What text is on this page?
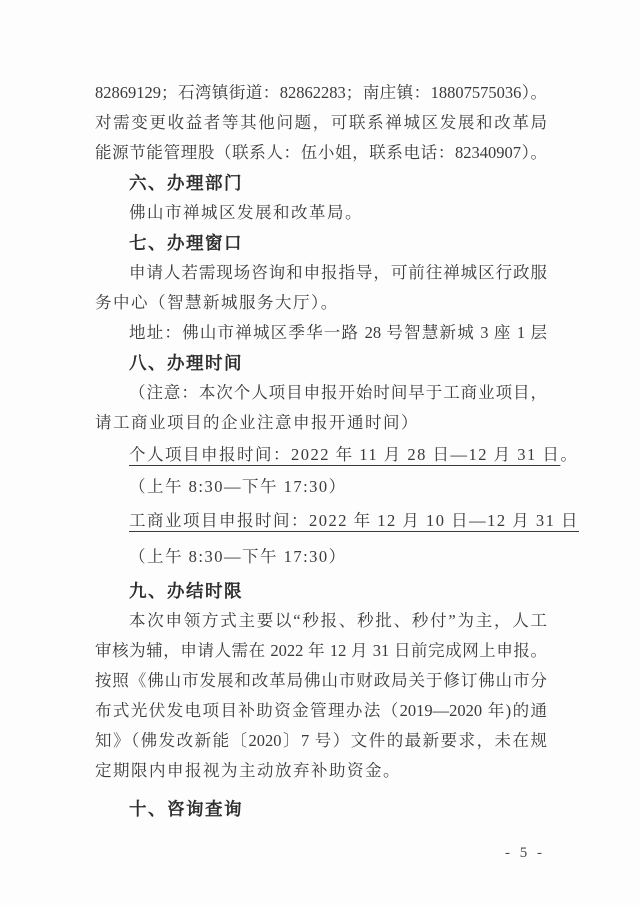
82869129；石湾镇街道：82862283；南庄镇：18807575036）。
对需变更收益者等其他问题，可联系禅城区发展和改革局
能源节能管理股（联系人：伍小姐，联系电话：82340907）。
六、办理部门
佛山市禅城区发展和改革局。
七、办理窗口
申请人若需现场咨询和申报指导，可前往禅城区行政服
务中心（智慧新城服务大厅）。
地址：佛山市禅城区季华一路 28 号智慧新城 3 座 1 层
八、办理时间
（注意：本次个人项目申报开始时间早于工商业项目，
请工商业项目的企业注意申报开通时间）
个人项目申报时间：2022 年 11 月 28 日—12 月 31 日。
（上午 8:30—下午 17:30）
工商业项目申报时间：2022 年 12 月 10 日—12 月 31 日
（上午 8:30—下午 17:30）
九、办结时限
本次申领方式主要以“秒报、秒批、秒付”为主，人工
审核为辅，申请人需在 2022 年 12 月 31 日前完成网上申报。
按照《佛山市发展和改革局佛山市财政局关于修订佛山市分
布式光伏发电项目补助资金管理办法（2019—2020 年)的通
知》（佛发改新能〔2020〕7 号）文件的最新要求，未在规
定期限内申报视为主动放弃补助资金。
十、咨询查询
- 5 -
